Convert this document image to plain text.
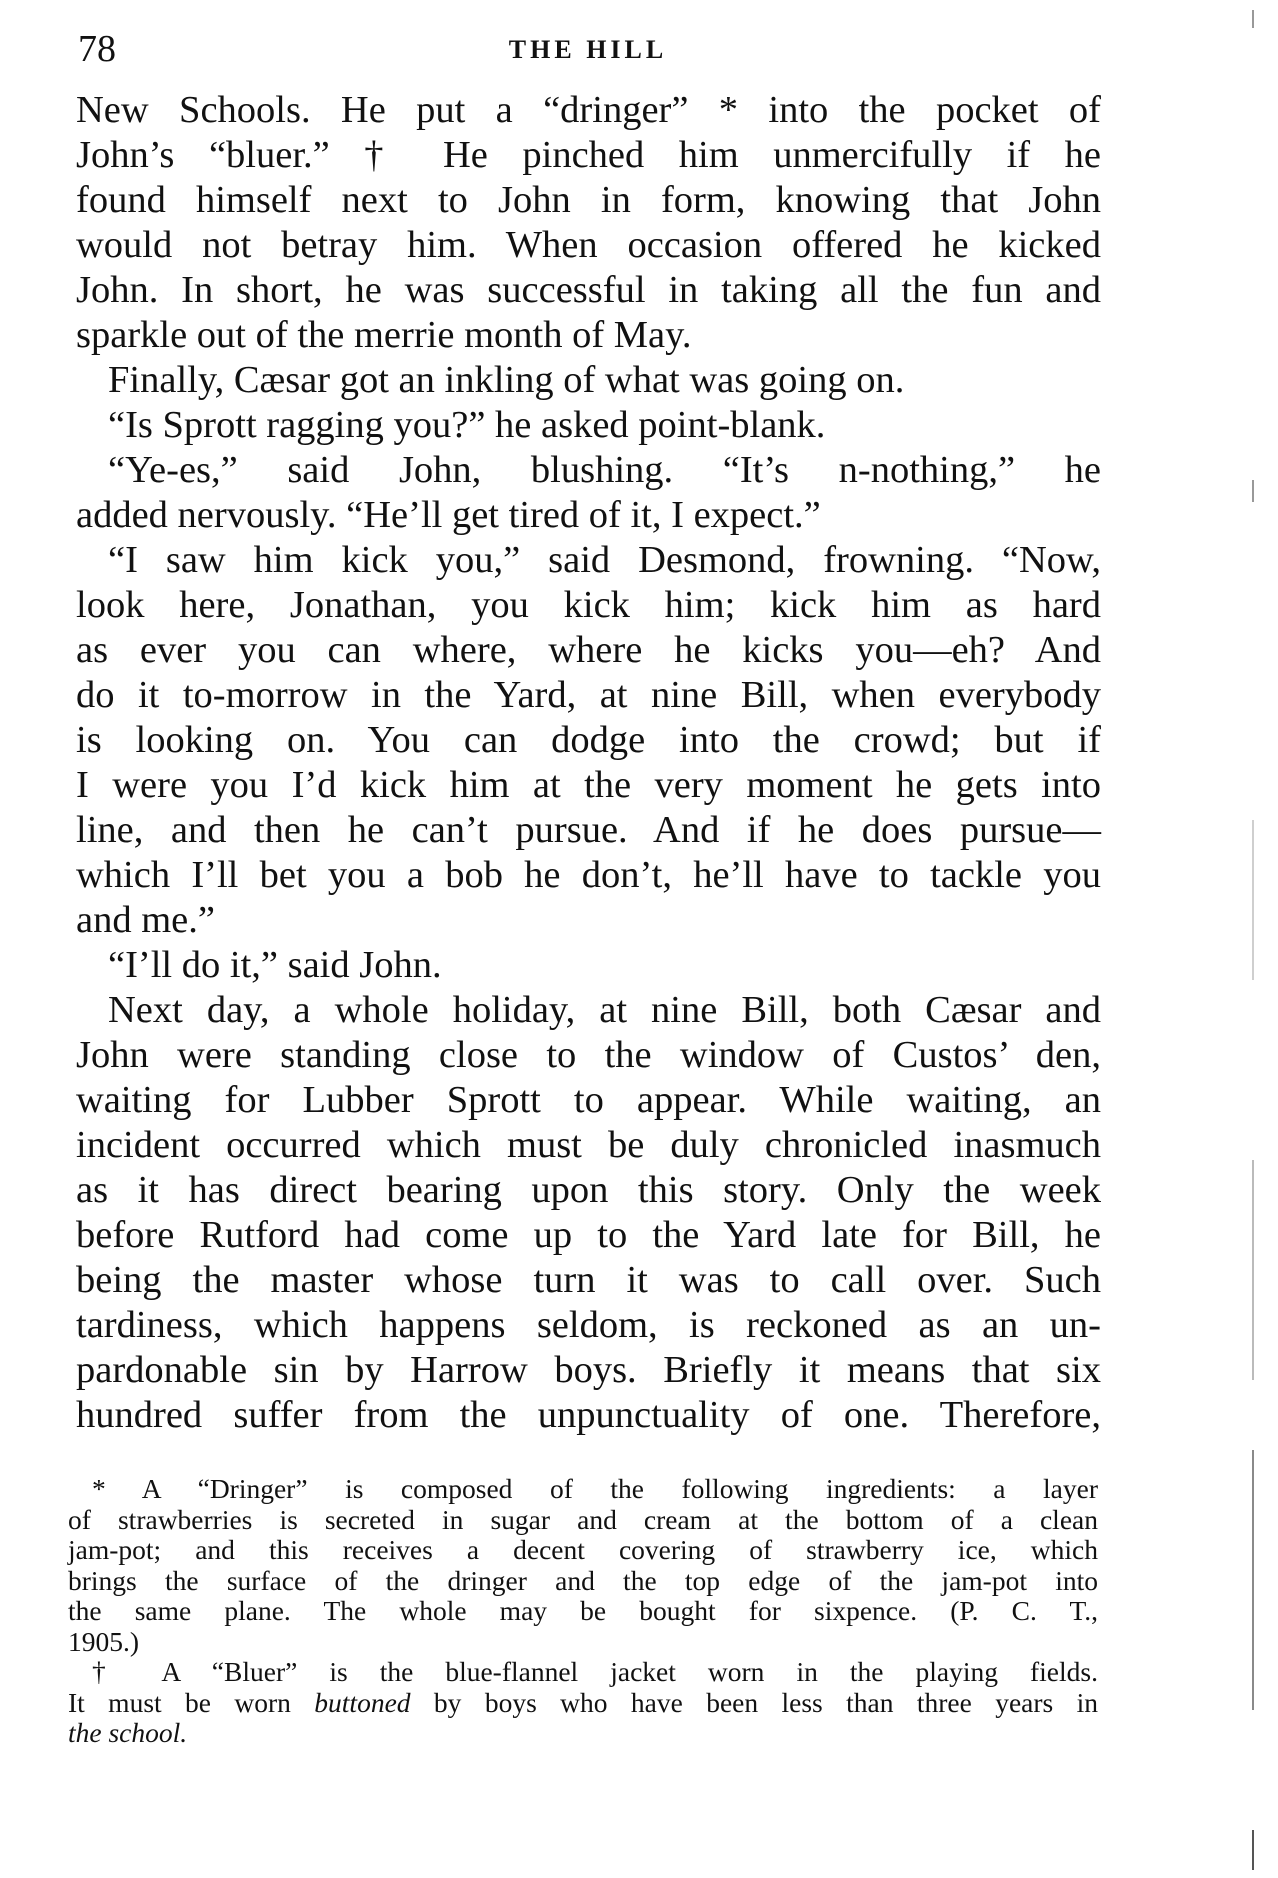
78	THE HILL
New Schools. He put a “dringer” * into the pocket of
John’s “bluer.” † He pinched him unmercifully if he
found himself next to John in form, knowing that John
would not betray him. When occasion offered he kicked
John. In short, he was successful in taking all the fun and
sparkle out of the merrie month of May.
Finally, Cæsar got an inkling of what was going on.
“Is Sprott ragging you?” he asked point-blank.
“Ye-es,” said John, blushing. “It’s n-nothing,” he
added nervously. “He’ll get tired of it, I expect.”
“I saw him kick you,” said Desmond, frowning. “Now,
look here, Jonathan, you kick him; kick him as hard
as ever you can where, where he kicks you—eh? And
do it to-morrow in the Yard, at nine Bill, when everybody
is looking on. You can dodge into the crowd; but if
I were you I’d kick him at the very moment he gets into
line, and then he can’t pursue. And if he does pursue—
which I’ll bet you a bob he don’t, he’ll have to tackle you
and me.”
“I’ll do it,” said John.
Next day, a whole holiday, at nine Bill, both Cæsar and
John were standing close to the window of Custos’ den,
waiting for Lubber Sprott to appear. While waiting, an
incident occurred which must be duly chronicled inasmuch
as it has direct bearing upon this story. Only the week
before Rutford had come up to the Yard late for Bill, he
being the master whose turn it was to call over. Such
tardiness, which happens seldom, is reckoned as an un-
pardonable sin by Harrow boys. Briefly it means that six
hundred suffer from the unpunctuality of one. Therefore,
* A “Dringer” is composed of the following ingredients: a layer
of strawberries is secreted in sugar and cream at the bottom of a clean
jam-pot; and this receives a decent covering of strawberry ice, which
brings the surface of the dringer and the top edge of the jam-pot into
the same plane. The whole may be bought for sixpence. (P. C. T.,
1905.)
† A “Bluer” is the blue-flannel jacket worn in the playing fields.
It must be worn buttoned by boys who have been less than three years in
the school.
